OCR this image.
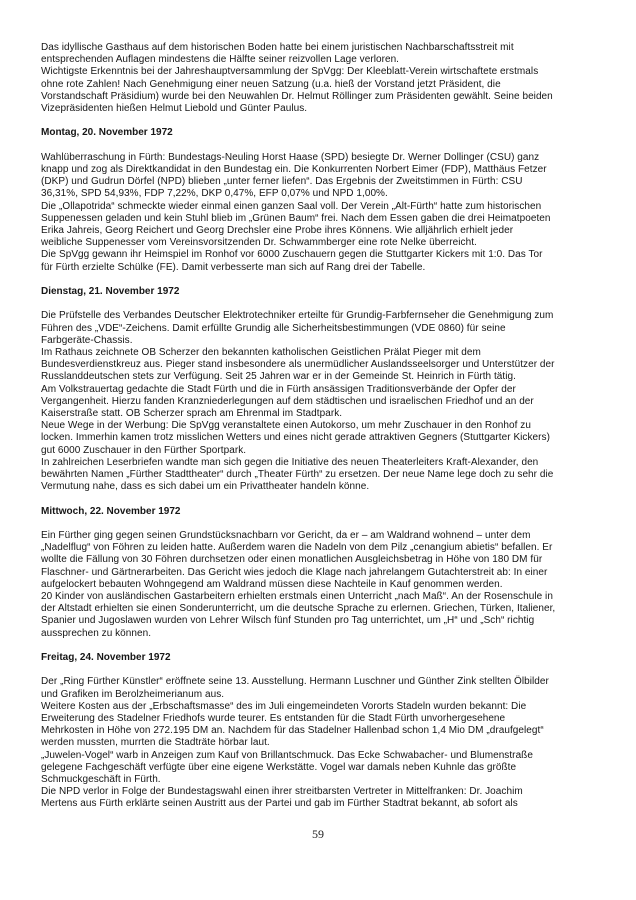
Das idyllische Gasthaus auf dem historischen Boden hatte bei einem juristischen Nachbarschaftsstreit mit
entsprechenden Auflagen mindestens die Hälfte seiner reizvollen Lage verloren.
Wichtigste Erkenntnis bei der Jahreshauptversammlung der SpVgg: Der Kleeblatt-Verein wirtschaftete erstmals
ohne rote Zahlen! Nach Genehmigung einer neuen Satzung (u.a. hieß der Vorstand jetzt Präsident, die
Vorstandschaft Präsidium) wurde bei den Neuwahlen Dr. Helmut Röllinger zum Präsidenten gewählt. Seine beiden
Vizepräsidenten hießen Helmut Liebold und Günter Paulus.
Montag, 20. November 1972
Wahlüberraschung in Fürth: Bundestags-Neuling Horst Haase (SPD) besiegte Dr. Werner Dollinger (CSU) ganz
knapp und zog als Direktkandidat in den Bundestag ein. Die Konkurrenten Norbert Eimer (FDP), Matthäus Fetzer
(DKP) und Gudrun Dörfel (NPD) blieben „unter ferner liefen“. Das Ergebnis der Zweitstimmen in Fürth: CSU
36,31%, SPD 54,93%, FDP 7,22%, DKP 0,47%, EFP 0,07% und NPD 1,00%.
Die „Ollapotrida“ schmeckte wieder einmal einen ganzen Saal voll. Der Verein „Alt-Fürth“ hatte zum historischen
Suppenessen geladen und kein Stuhl blieb im „Grünen Baum“ frei. Nach dem Essen gaben die drei Heimatpoeten
Erika Jahreis, Georg Reichert und Georg Drechsler eine Probe ihres Könnens. Wie alljährlich erhielt jeder
weibliche Suppenesser vom Vereinsvorsitzenden Dr. Schwammberger eine rote Nelke überreicht.
Die SpVgg gewann ihr Heimspiel im Ronhof vor 6000 Zuschauern gegen die Stuttgarter Kickers mit 1:0. Das Tor
für Fürth erzielte Schülke (FE). Damit verbesserte man sich auf Rang drei der Tabelle.
Dienstag, 21. November 1972
Die Prüfstelle des Verbandes Deutscher Elektrotechniker erteilte für Grundig-Farbfernseher die Genehmigung zum
Führen des „VDE“-Zeichens. Damit erfüllte Grundig alle Sicherheitsbestimmungen (VDE 0860) für seine
Farbgeräte-Chassis.
Im Rathaus zeichnete OB Scherzer den bekannten katholischen Geistlichen Prälat Pieger mit dem
Bundesverdienstkreuz aus. Pieger stand insbesondere als unermüdlicher Auslandsseelsorger und Unterstützer der
Russlanddeutschen stets zur Verfügung. Seit 25 Jahren war er in der Gemeinde St. Heinrich in Fürth tätig.
Am Volkstrauertag gedachte die Stadt Fürth und die in Fürth ansässigen Traditionsverbände der Opfer der
Vergangenheit. Hierzu fanden Kranzniederlegungen auf dem städtischen und israelischen Friedhof und an der
Kaiserstraße statt. OB Scherzer sprach am Ehrenmal im Stadtpark.
Neue Wege in der Werbung: Die SpVgg veranstaltete einen Autokorso, um mehr Zuschauer in den Ronhof zu
locken. Immerhin kamen trotz misslichen Wetters und eines nicht gerade attraktiven Gegners (Stuttgarter Kickers)
gut 6000 Zuschauer in den Fürther Sportpark.
In zahlreichen Leserbriefen wandte man sich gegen die Initiative des neuen Theaterleiters Kraft-Alexander, den
bewährten Namen „Fürther Stadttheater“ durch „Theater Fürth“ zu ersetzen. Der neue Name lege doch zu sehr die
Vermutung nahe, dass es sich dabei um ein Privattheater handeln könne.
Mittwoch, 22. November 1972
Ein Fürther ging gegen seinen Grundstücksnachbarn vor Gericht, da er – am Waldrand wohnend – unter dem
„Nadelflug“ von Föhren zu leiden hatte. Außerdem waren die Nadeln von dem Pilz „cenangium abietis“ befallen. Er
wollte die Fällung von 30 Föhren durchsetzen oder einen monatlichen Ausgleichsbetrag in Höhe von 180 DM für
Flaschner- und Gärtnerarbeiten. Das Gericht wies jedoch die Klage nach jahrelangem Gutachterstreit ab: In einer
aufgelockert bebauten Wohngegend am Waldrand müssen diese Nachteile in Kauf genommen werden.
20 Kinder von ausländischen Gastarbeitern erhielten erstmals einen Unterricht „nach Maß“. An der Rosenschule in
der Altstadt erhielten sie einen Sonderunterricht, um die deutsche Sprache zu erlernen. Griechen, Türken, Italiener,
Spanier und Jugoslawen wurden von Lehrer Wilsch fünf Stunden pro Tag unterrichtet, um „H“ und „Sch“ richtig
aussprechen zu können.
Freitag, 24. November 1972
Der „Ring Fürther Künstler“ eröffnete seine 13. Ausstellung. Hermann Luschner und Günther Zink stellten Ölbilder
und Grafiken im Berolzheimerianum aus.
Weitere Kosten aus der „Erbschaftsmasse“ des im Juli eingemeindeten Vororts Stadeln wurden bekannt: Die
Erweiterung des Stadelner Friedhofs wurde teurer. Es entstanden für die Stadt Fürth unvorhergesehene
Mehrkosten in Höhe von 272.195 DM an. Nachdem für das Stadelner Hallenbad schon 1,4 Mio DM „draufgelegt“
werden mussten, murrten die Stadträte hörbar laut.
„Juwelen-Vogel“ warb in Anzeigen zum Kauf von Brillantschmuck. Das Ecke Schwabacher- und Blumenstraße
gelegene Fachgeschäft verfügte über eine eigene Werkstätte. Vogel war damals neben Kuhnle das größte
Schmuckgeschäft in Fürth.
Die NPD verlor in Folge der Bundestagswahl einen ihrer streitbarsten Vertreter in Mittelfranken: Dr. Joachim
Mertens aus Fürth erklärte seinen Austritt aus der Partei und gab im Fürther Stadtrat bekannt, ab sofort als
59
